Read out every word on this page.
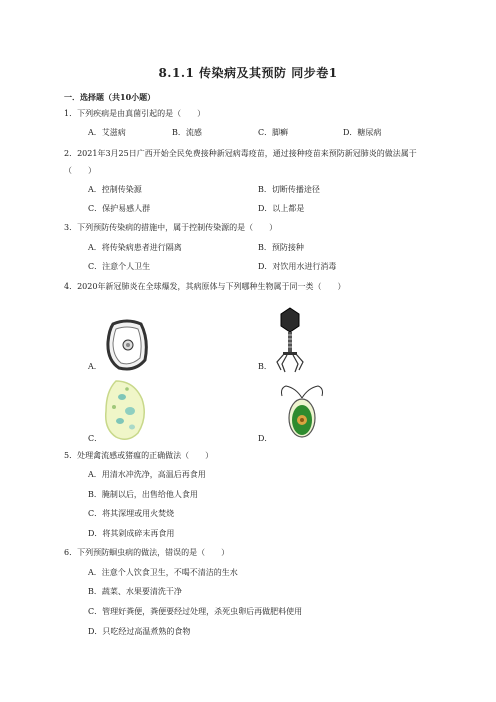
8.1.1 传染病及其预防 同步卷1
一．选择题（共10小题）
1．下列疾病是由真菌引起的是（　　）
A．艾滋病	B．流感	C．脚癣	D．糖尿病
2．2021年3月25日广西开始全民免费接种新冠病毒疫苗，通过接种疫苗来预防新冠肺炎的做法属于（　　）
A．控制传染源	B．切断传播途径
C．保护易感人群	D．以上都是
3．下列预防传染病的措施中，属于控制传染源的是（　　）
A．将传染病患者进行隔离	B．预防接种
C．注意个人卫生	D．对饮用水进行消毒
4．2020年新冠肺炎在全球爆发，其病原体与下列哪种生物属于同一类（　　）
A．	B．
C．	D．
5．处理禽流感或猪瘟的正确做法（　　）
A．用清水冲洗净，高温后再食用
B．腌制以后，出售给他人食用
C．将其深埋或用火焚烧
D．将其剁成碎末再食用
6．下列预防蛔虫病的做法，错误的是（　　）
A．注意个人饮食卫生，不喝不清洁的生水
B．蔬菜、水果要清洗干净
C．管理好粪便，粪便要经过处理，杀死虫卵后再做肥料使用
D．只吃经过高温煮熟的食物
